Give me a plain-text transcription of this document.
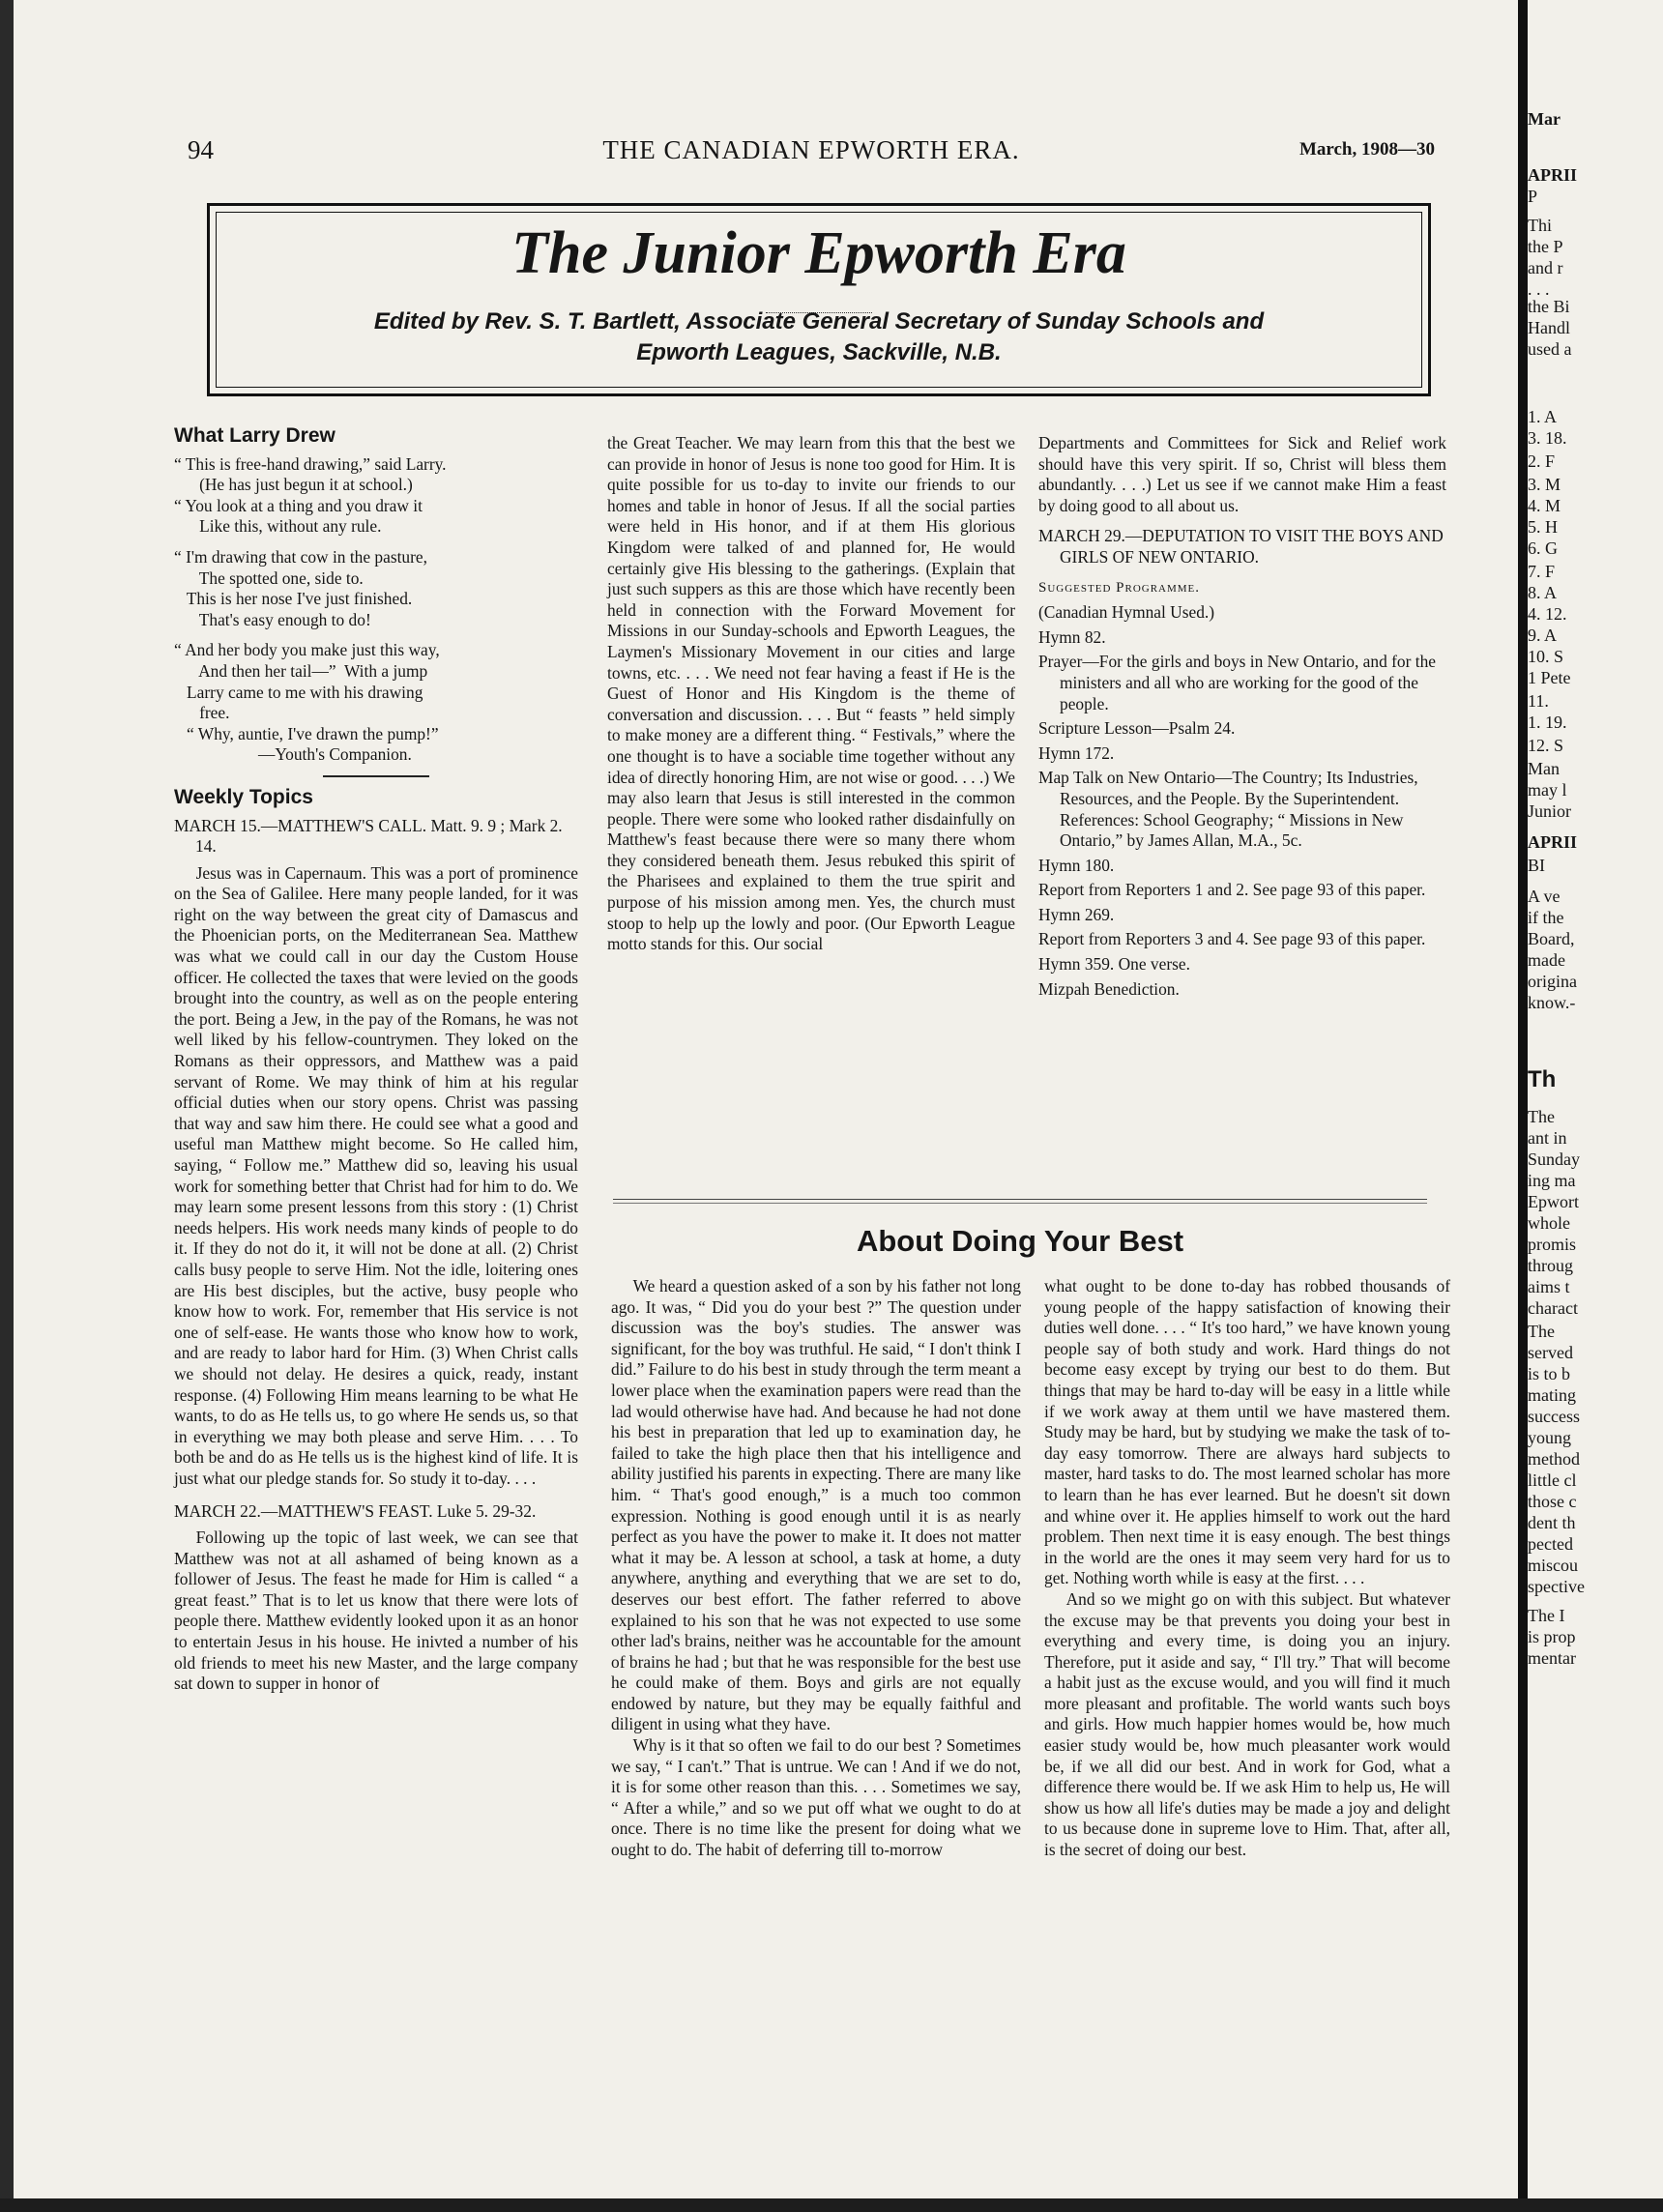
94	THE CANADIAN EPWORTH ERA.	March, 1908—30
The Junior Epworth Era
Edited by Rev. S. T. Bartlett, Associate General Secretary of Sunday Schools and
Epworth Leagues, Sackville, N.B.

What Larry Drew

“ This is free-hand drawing,” said Larry.
(He has just begun it at school.)
“ You look at a thing and you draw it
Like this, without any rule.

“ I'm drawing that cow in the pasture,
The spotted one, side to.
This is her nose I've just finished.
That's easy enough to do!

“ And her body you make just this way,
And then her tail—”  With a jump
Larry came to me with his drawing
free.
“ Why, auntie, I've drawn the pump!”
—Youth's Companion.

Weekly Topics

MARCH 15.—MATTHEW'S CALL. Matt. 9. 9 ; Mark 2. 14.

Jesus was in Capernaum. This was a port of prominence on the Sea of Galilee. Here many people landed, for it was right on the way between the great city of Damascus and the Phoenician ports, on the Mediterranean Sea. Matthew was what we could call in our day the Custom House officer. He collected the taxes that were levied on the goods brought into the country, as well as on the people entering the port. Being a Jew, in the pay of the Romans, he was not well liked by his fellow-countrymen. They loked on the Romans as their oppressors, and Matthew was a paid servant of Rome. We may think of him at his regular official duties when our story opens. Christ was passing that way and saw him there. He could see what a good and useful man Matthew might become. So He called him, saying, “ Follow me.” Matthew did so, leaving his usual work for something better that Christ had for him to do. We may learn some present lessons from this story : (1) Christ needs helpers. His work needs many kinds of people to do it. If they do not do it, it will not be done at all. (2) Christ calls busy people to serve Him. Not the idle, loitering ones are His best disciples, but the active, busy people who know how to work. For, remember that His service is not one of self-ease. He wants those who know how to work, and are ready to labor hard for Him. (3) When Christ calls we should not delay. He desires a quick, ready, instant response. (4) Following Him means learning to be what He wants, to do as He tells us, to go where He sends us, so that in everything we may both please and serve Him. . . . To both be and do as He tells us is the highest kind of life. It is just what our pledge stands for. So study it to-day. . . .

MARCH 22.—MATTHEW'S FEAST. Luke 5. 29-32.

Following up the topic of last week, we can see that Matthew was not at all ashamed of being known as a follower of Jesus. The feast he made for Him is called “ a great feast.” That is to let us know that there were lots of people there. Matthew evidently looked upon it as an honor to entertain Jesus in his house. He inivted a number of his old friends to meet his new Master, and the large company sat down to supper in honor of

the Great Teacher. We may learn from this that the best we can provide in honor of Jesus is none too good for Him. It is quite possible for us to-day to invite our friends to our homes and table in honor of Jesus. If all the social parties were held in His honor, and if at them His glorious Kingdom were talked of and planned for, He would certainly give His blessing to the gatherings. (Explain that just such suppers as this are those which have recently been held in connection with the Forward Movement for Missions in our Sunday-schools and Epworth Leagues, the Laymen's Missionary Movement in our cities and large towns, etc. . . . We need not fear having a feast if He is the Guest of Honor and His Kingdom is the theme of conversation and discussion. . . . But “ feasts ” held simply to make money are a different thing. “ Festivals,” where the one thought is to have a sociable time together without any idea of directly honoring Him, are not wise or good. . . .) We may also learn that Jesus is still interested in the common people. There were some who looked rather disdainfully on Matthew's feast because there were so many there whom they considered beneath them. Jesus rebuked this spirit of the Pharisees and explained to them the true spirit and purpose of his mission among men. Yes, the church must stoop to help up the lowly and poor. (Our Epworth League motto stands for this. Our social

Departments and Committees for Sick and Relief work should have this very spirit. If so, Christ will bless them abundantly. . . .) Let us see if we cannot make Him a feast by doing good to all about us.

MARCH 29.—DEPUTATION TO VISIT THE BOYS AND GIRLS OF NEW ONTARIO.

Suggested Programme.

(Canadian Hymnal Used.)

Hymn 82.

Prayer—For the girls and boys in New Ontario, and for the ministers and all who are working for the good of the people.

Scripture Lesson—Psalm 24.

Hymn 172.

Map Talk on New Ontario—The Country; Its Industries, Resources, and the People. By the Superintendent. References: School Geography; “ Missions in New Ontario,” by James Allan, M.A., 5c.

Hymn 180.

Report from Reporters 1 and 2. See page 93 of this paper.

Hymn 269.

Report from Reporters 3 and 4. See page 93 of this paper.

Hymn 359. One verse.

Mizpah Benediction.

About Doing Your Best

We heard a question asked of a son by his father not long ago. It was, “ Did you do your best ?” The question under discussion was the boy's studies. The answer was significant, for the boy was truthful. He said, “ I don't think I did.” Failure to do his best in study through the term meant a lower place when the examination papers were read than the lad would otherwise have had. And because he had not done his best in preparation that led up to examination day, he failed to take the high place then that his intelligence and ability justified his parents in expecting. There are many like him. “ That's good enough,” is a much too common expression. Nothing is good enough until it is as nearly perfect as you have the power to make it. It does not matter what it may be. A lesson at school, a task at home, a duty anywhere, anything and everything that we are set to do, deserves our best effort. The father referred to above explained to his son that he was not expected to use some other lad's brains, neither was he accountable for the amount of brains he had ; but that he was responsible for the best use he could make of them. Boys and girls are not equally endowed by nature, but they may be equally faithful and diligent in using what they have.

Why is it that so often we fail to do our best ? Sometimes we say, “ I can't.” That is untrue. We can ! And if we do not, it is for some other reason than this. . . . Sometimes we say, “ After a while,” and so we put off what we ought to do at once. There is no time like the present for doing what we ought to do. The habit of deferring till to-morrow

what ought to be done to-day has robbed thousands of young people of the happy satisfaction of knowing their duties well done. . . . “ It's too hard,” we have known young people say of both study and work. Hard things do not become easy except by trying our best to do them. But things that may be hard to-day will be easy in a little while if we work away at them until we have mastered them. Study may be hard, but by studying we make the task of to-day easy tomorrow. There are always hard subjects to master, hard tasks to do. The most learned scholar has more to learn than he has ever learned. But he doesn't sit down and whine over it. He applies himself to work out the hard problem. Then next time it is easy enough. The best things in the world are the ones it may seem very hard for us to get. Nothing worth while is easy at the first. . . .

And so we might go on with this subject. But whatever the excuse may be that prevents you doing your best in everything and every time, is doing you an injury. Therefore, put it aside and say, “ I'll try.” That will become a habit just as the excuse would, and you will find it much more pleasant and profitable. The world wants such boys and girls. How much happier homes would be, how much easier study would be, how much pleasanter work would be, if we all did our best. And in work for God, what a difference there would be. If we ask Him to help us, He will show us how all life's duties may be made a joy and delight to us because done in supreme love to Him. That, after all, is the secret of doing our best.

Mar
APRII
P
Thi
the P
and r
. . .
the Bi
Handl
used a
1. A
3. 18.
2. F
3. M
4. M
5. H
6. G
7. F
8. A
4. 12.
9. A
10. S
1 Pete
11.
1. 19.
12. S
Man
may l
Junior
APRII
BI
A ve
if the
Board,
made
origina
know.-
Th
The
ant in
Sunday
ing ma
Epwort
whole
promis
throug
aims t
charact
The
served
is to b
mating
success
young
method
little cl
those c
dent th
pected
miscou
spective
The I
is prop
mentar
